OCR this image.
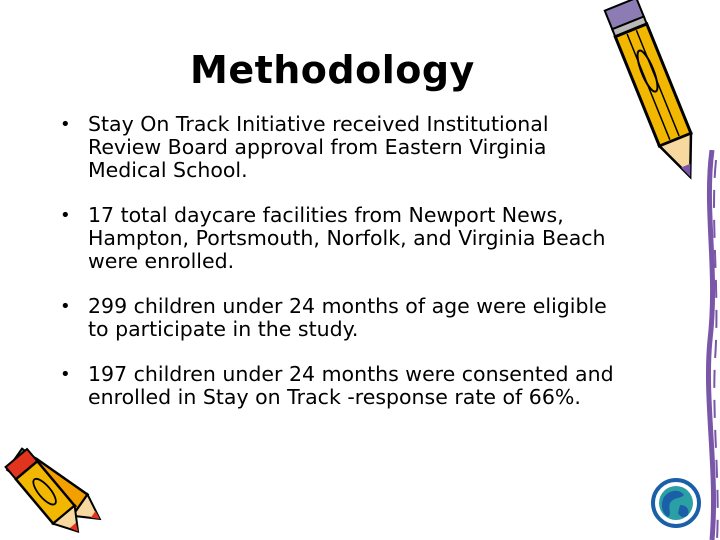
Methodology
• Stay On Track Initiative received Institutional
Review Board approval from Eastern Virginia
Medical School.
• 17 total daycare facilities from Newport News,
Hampton, Portsmouth, Norfolk, and Virginia Beach
were enrolled.
• 299 children under 24 months of age were eligible
to participate in the study.
• 197 children under 24 months were consented and
enrolled in Stay on Track -response rate of 66%.
